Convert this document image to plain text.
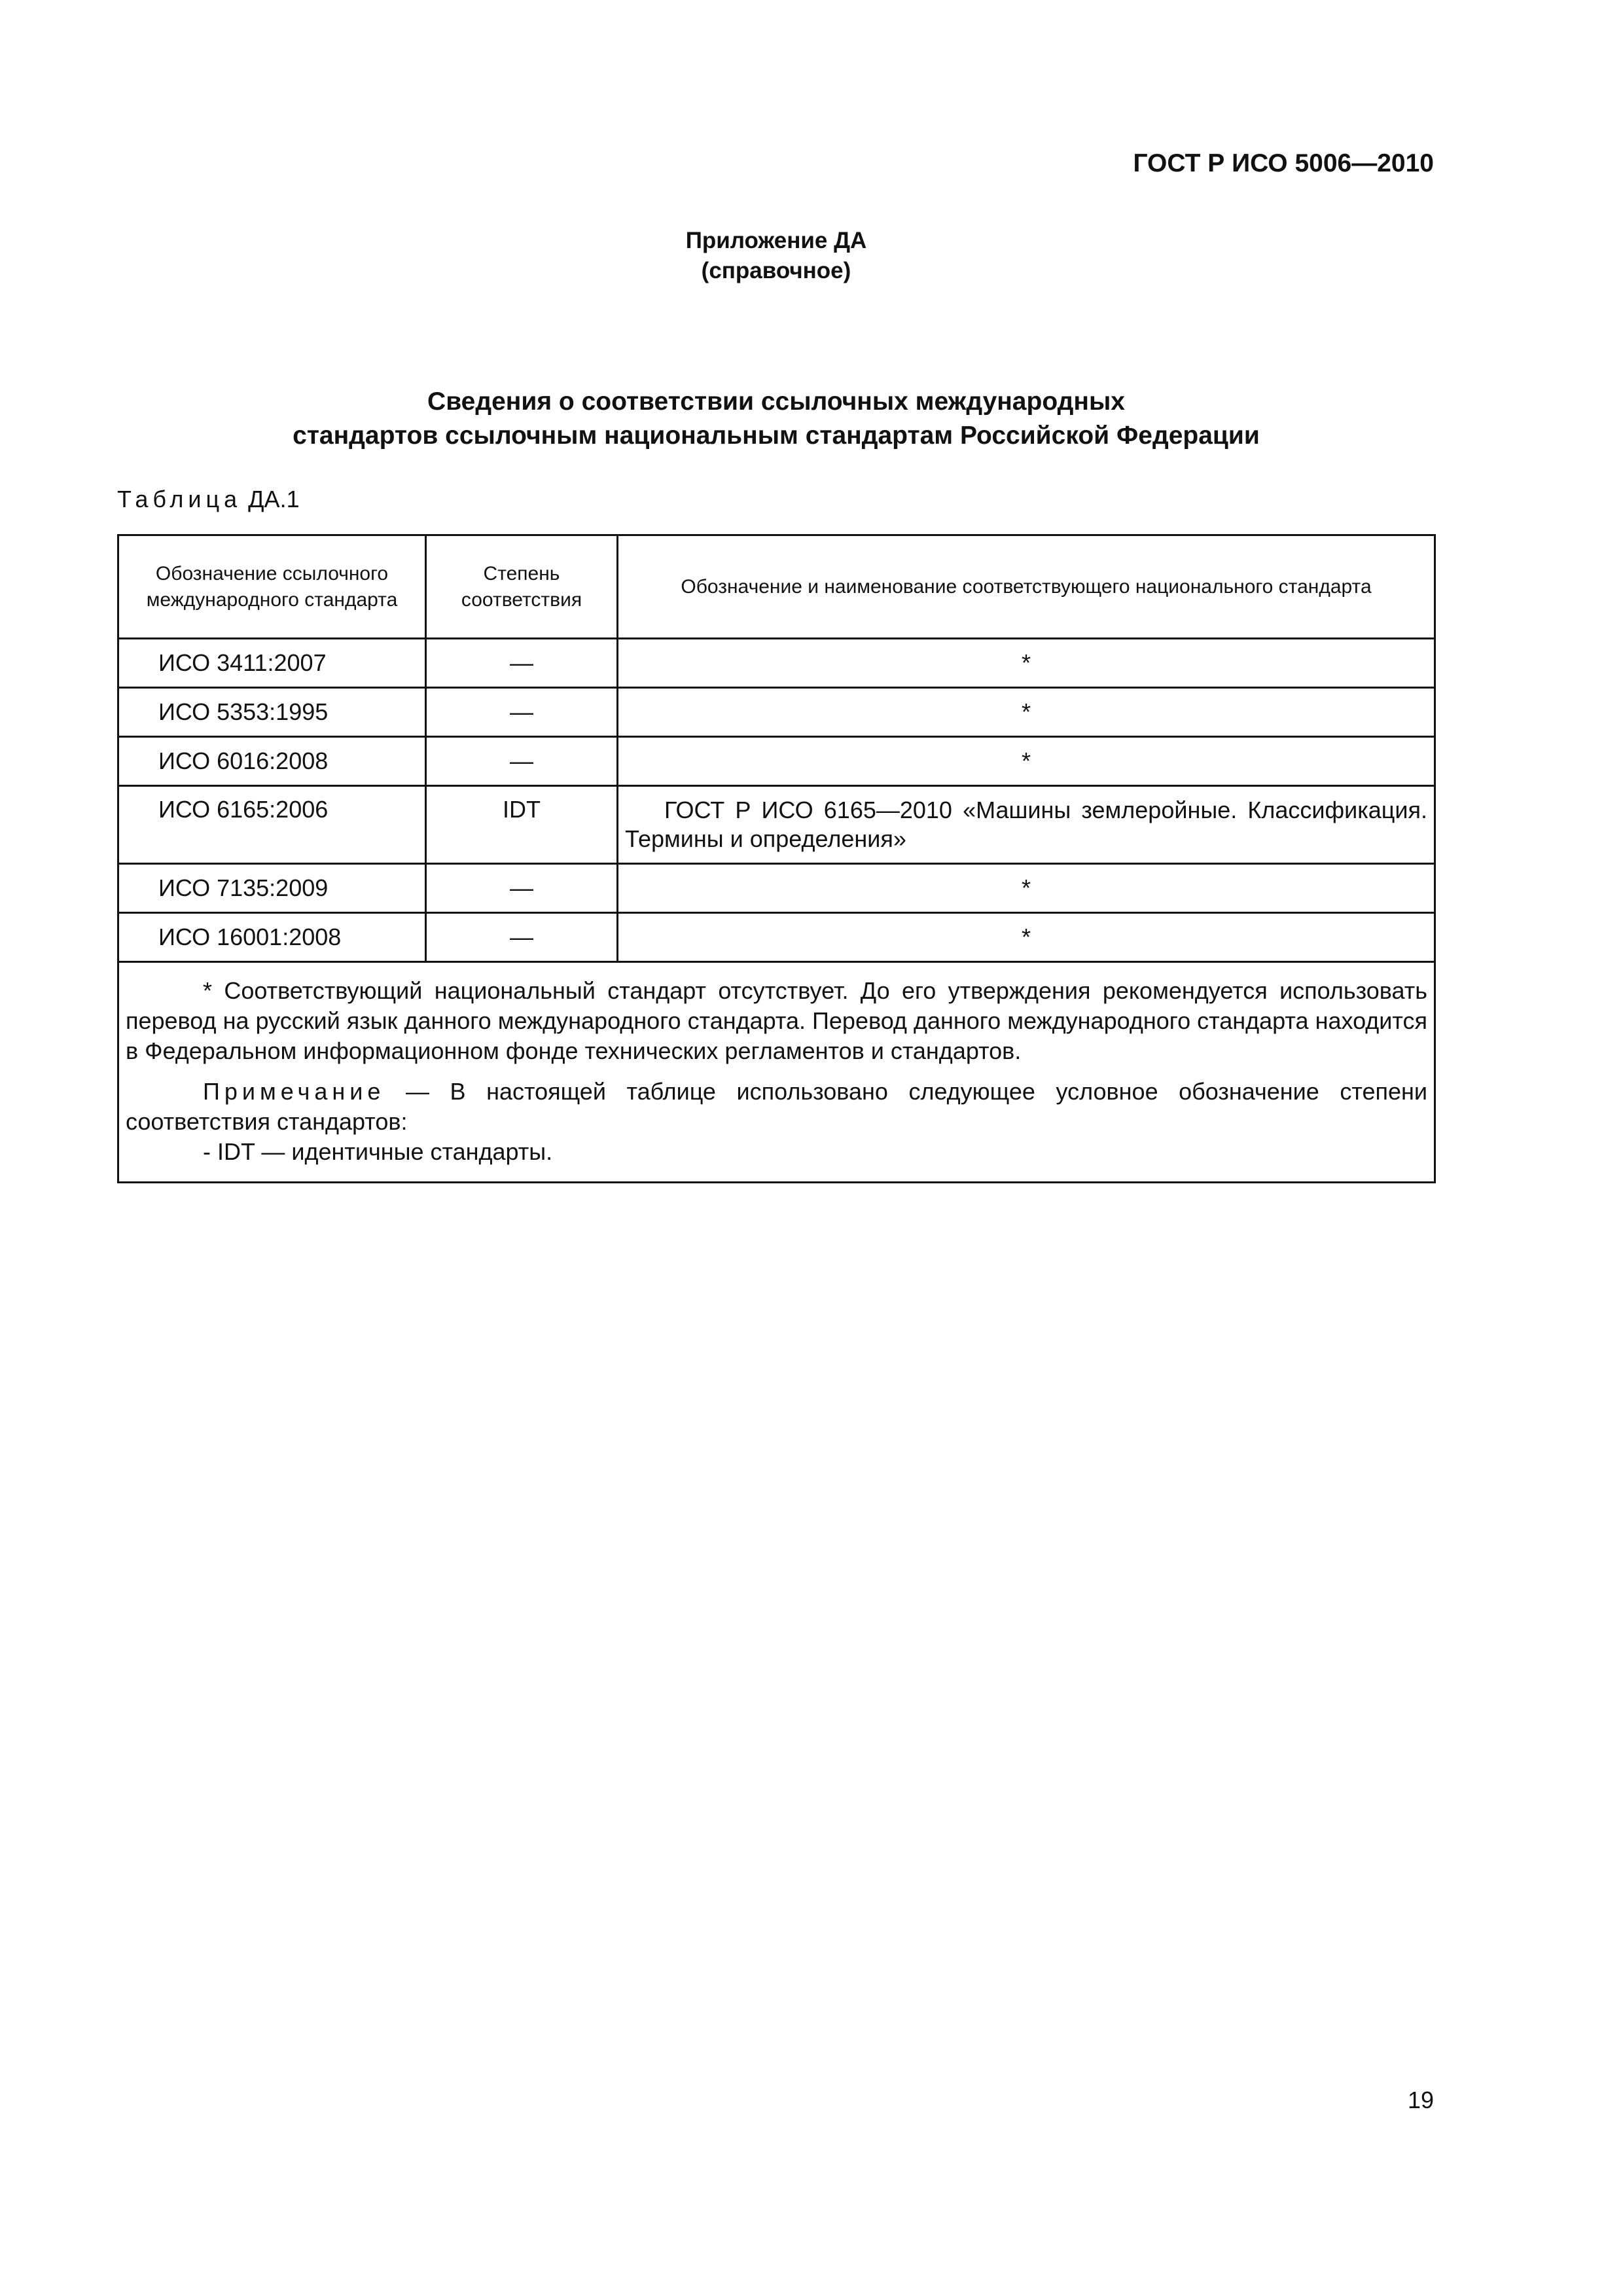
ГОСТ Р ИСО 5006—2010
Приложение ДА
(справочное)
Сведения о соответствии ссылочных международных
стандартов ссылочным национальным стандартам Российской Федерации
Таблица ДА.1
Обозначение ссылочного международного стандарта	Степень соответствия	Обозначение и наименование соответствующего национального стандарта
ИСО 3411:2007	—	*
ИСО 5353:1995	—	*
ИСО 6016:2008	—	*
ИСО 6165:2006	IDT	ГОСТ Р ИСО 6165—2010 «Машины землеройные. Классификация. Термины и определения»
ИСО 7135:2009	—	*
ИСО 16001:2008	—	*

* Соответствующий национальный стандарт отсутствует. До его утверждения рекомендуется использовать перевод на русский язык данного международного стандарта. Перевод данного международного стандарта находится в Федеральном информационном фонде технических регламентов и стандартов.

Примечание — В настоящей таблице использовано следующее условное обозначение степени соответствия стандартов:

- IDT — идентичные стандарты.		

19
